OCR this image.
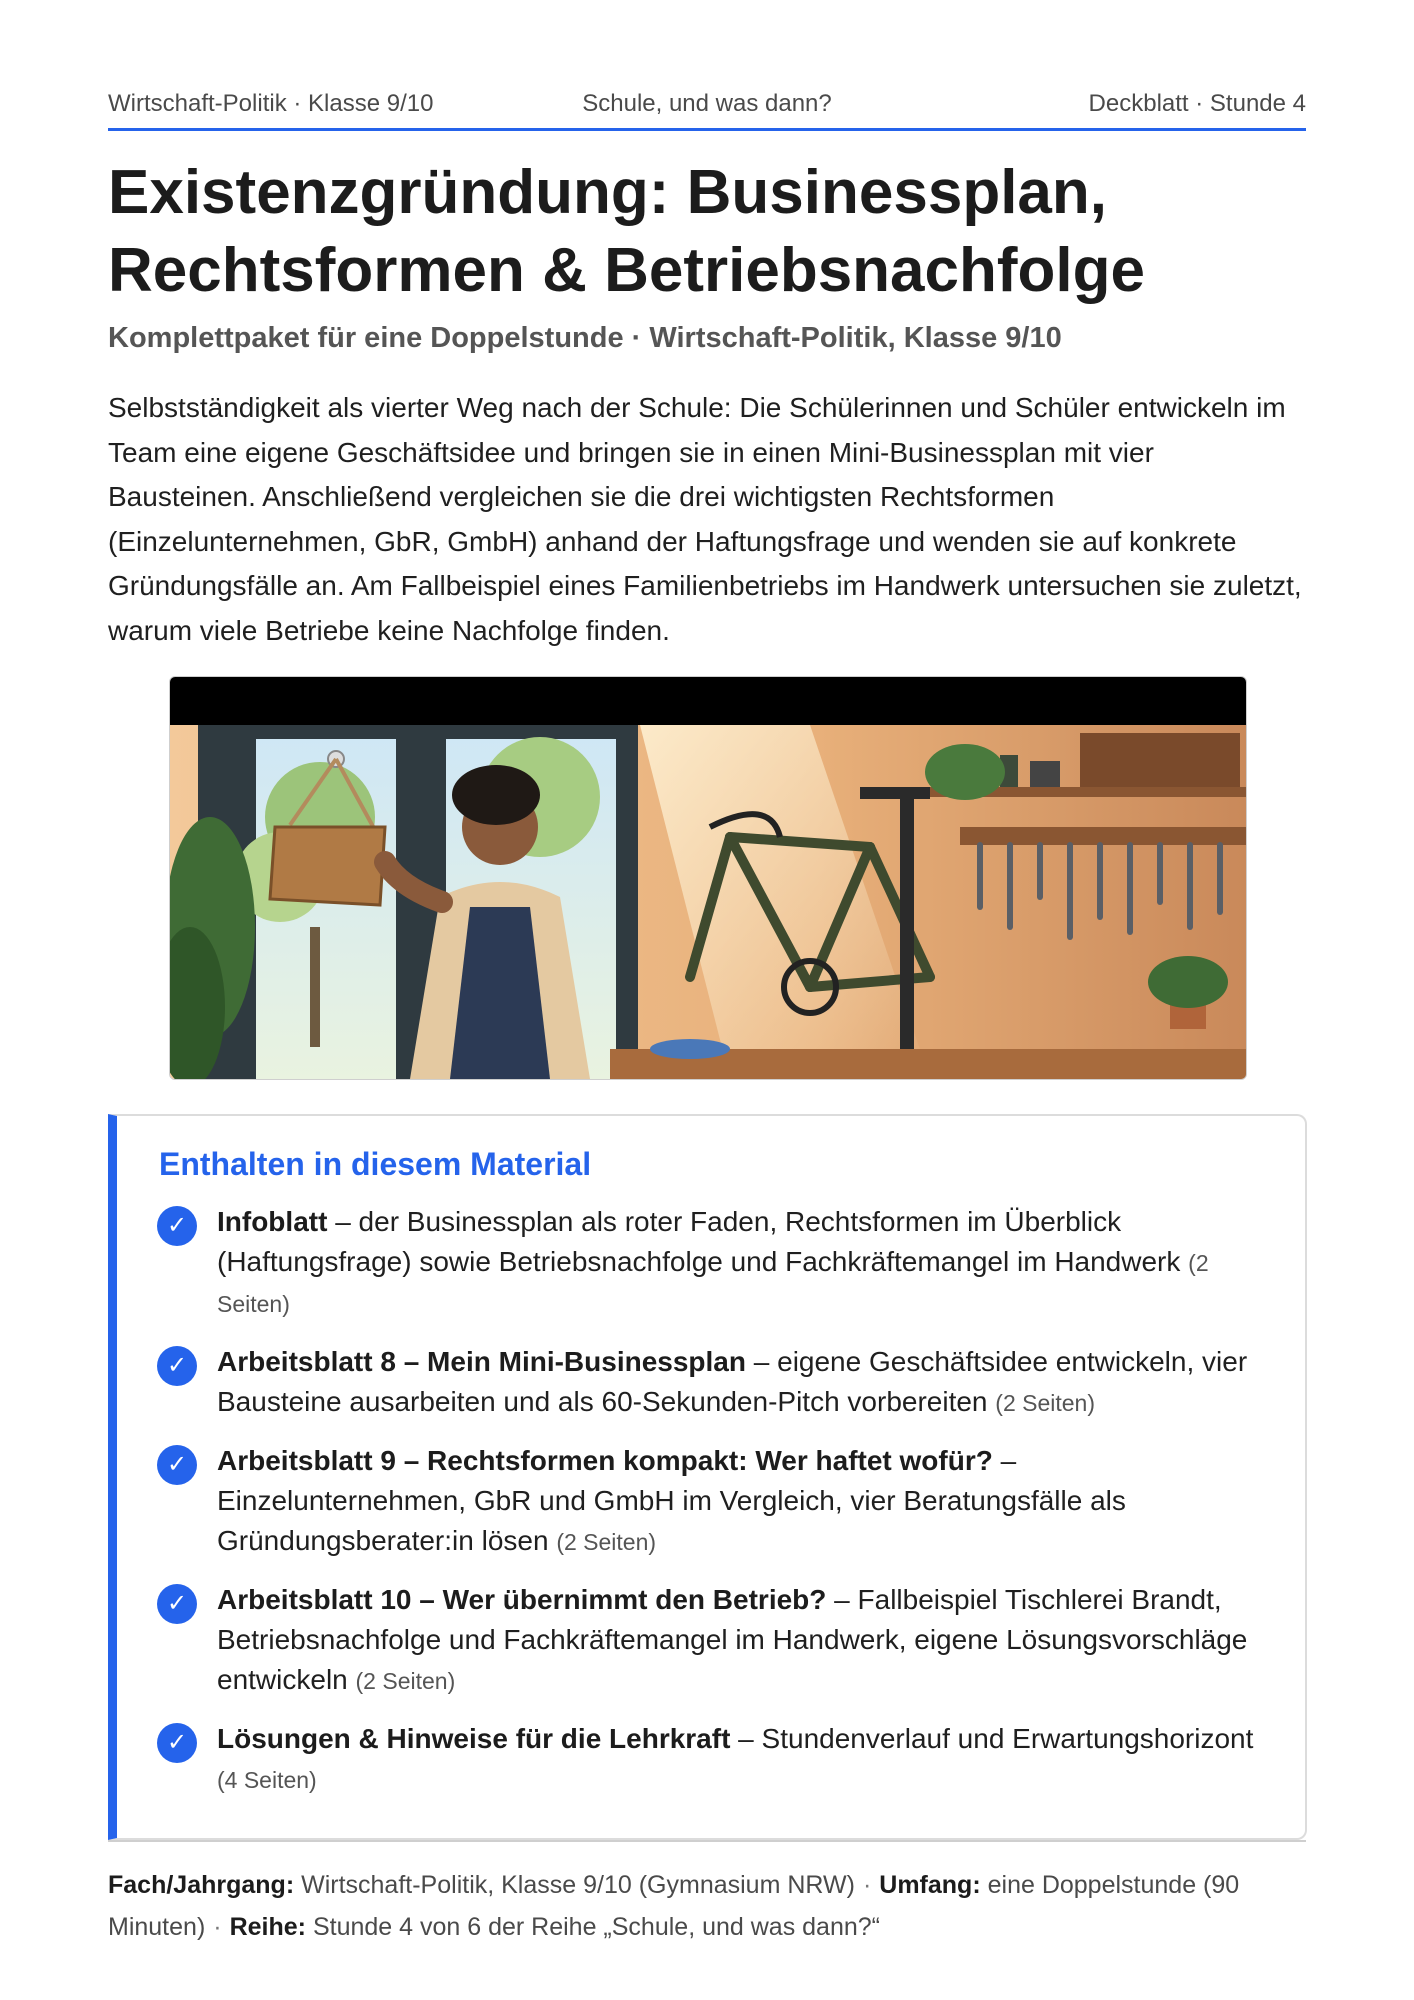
Wirtschaft-Politik · Klasse 9/10	Schule, und was dann?	Deckblatt · Stunde 4
Existenzgründung: Businessplan,
Rechtsformen & Betriebsnachfolge

Komplettpaket für eine Doppelstunde · Wirtschaft-Politik, Klasse 9/10

Selbstständigkeit als vierter Weg nach der Schule: Die Schülerinnen und Schüler entwickeln im Team eine eigene Geschäftsidee und bringen sie in einen Mini-Businessplan mit vier Bausteinen. Anschließend vergleichen sie die drei wichtigsten Rechtsformen (Einzelunternehmen, GbR, GmbH) anhand der Haftungsfrage und wenden sie auf konkrete Gründungsfälle an. Am Fallbeispiel eines Familienbetriebs im Handwerk untersuchen sie zuletzt, warum viele Betriebe keine Nachfolge finden.

Enthalten in diesem Material
✓	Infoblatt – der Businessplan als roter Faden, Rechtsformen im Überblick (Haftungsfrage) sowie Betriebsnachfolge und Fachkräftemangel im Handwerk (2 Seiten)
✓	Arbeitsblatt 8 – Mein Mini-Businessplan – eigene Geschäftsidee entwickeln, vier Bausteine ausarbeiten und als 60-Sekunden-Pitch vorbereiten (2 Seiten)
✓	Arbeitsblatt 9 – Rechtsformen kompakt: Wer haftet wofür? – Einzelunternehmen, GbR und GmbH im Vergleich, vier Beratungsfälle als Gründungsberater:in lösen (2 Seiten)
✓	Arbeitsblatt 10 – Wer übernimmt den Betrieb? – Fallbeispiel Tischlerei Brandt, Betriebsnachfolge und Fachkräftemangel im Handwerk, eigene Lösungsvorschläge entwickeln (2 Seiten)
✓	Lösungen & Hinweise für die Lehrkraft – Stundenverlauf und Erwartungshorizont (4 Seiten)
Fach/Jahrgang: Wirtschaft-Politik, Klasse 9/10 (Gymnasium NRW) · Umfang: eine Doppelstunde (90 Minuten) · Reihe: Stunde 4 von 6 der Reihe „Schule, und was dann?“
